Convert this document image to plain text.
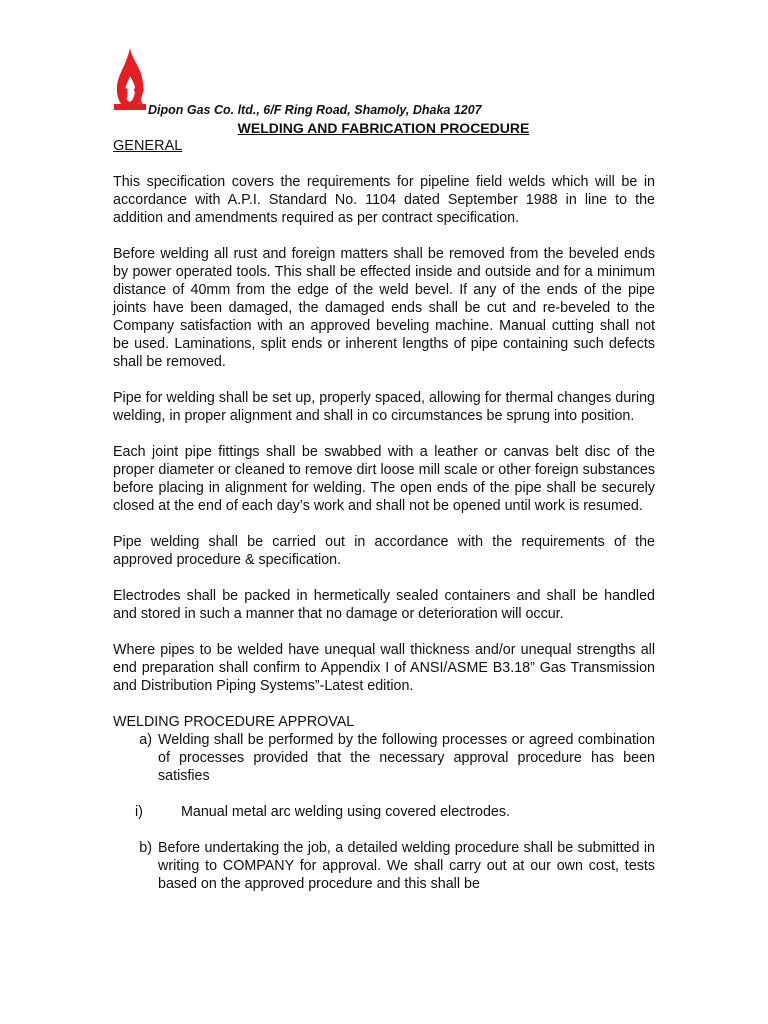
Dipon Gas Co. ltd., 6/F Ring Road, Shamoly, Dhaka 1207
WELDING AND FABRICATION PROCEDURE
GENERAL

This specification covers the requirements for pipeline field welds which will be in accordance with A.P.I. Standard No. 1104 dated September 1988 in line to the addition and amendments required as per contract specification.

Before welding all rust and foreign matters shall be removed from the beveled ends by power operated tools. This shall be effected inside and outside and for a minimum distance of 40mm from the edge of the weld bevel. If any of the ends of the pipe joints have been damaged, the damaged ends shall be cut and re-beveled to the Company satisfaction with an approved beveling machine. Manual cutting shall not be used. Laminations, split ends or inherent lengths of pipe containing such defects shall be removed.

Pipe for welding shall be set up, properly spaced, allowing for thermal changes during welding, in proper alignment and shall in co circumstances be sprung into position.

Each joint pipe fittings shall be swabbed with a leather or canvas belt disc of the proper diameter or cleaned to remove dirt loose mill scale or other foreign substances before placing in alignment for welding. The open ends of the pipe shall be securely closed at the end of each day’s work and shall not be opened until work is resumed.

Pipe welding shall be carried out in accordance with the requirements of the approved procedure & specification.

Electrodes shall be packed in hermetically sealed containers and shall be handled and stored in such a manner that no damage or deterioration will occur.

Where pipes to be welded have unequal wall thickness and/or unequal strengths all end preparation shall confirm to Appendix I of ANSI/ASME B3.18” Gas Transmission and Distribution Piping Systems”-Latest edition.

WELDING PROCEDURE APPROVAL
a) Welding shall be performed by the following processes or agreed combination of processes provided that the necessary approval procedure has been satisfies
i)	Manual metal arc welding using covered electrodes.
b) Before undertaking the job, a detailed welding procedure shall be submitted in writing to COMPANY for approval. We shall carry out at our own cost, tests based on the approved procedure and this shall be
